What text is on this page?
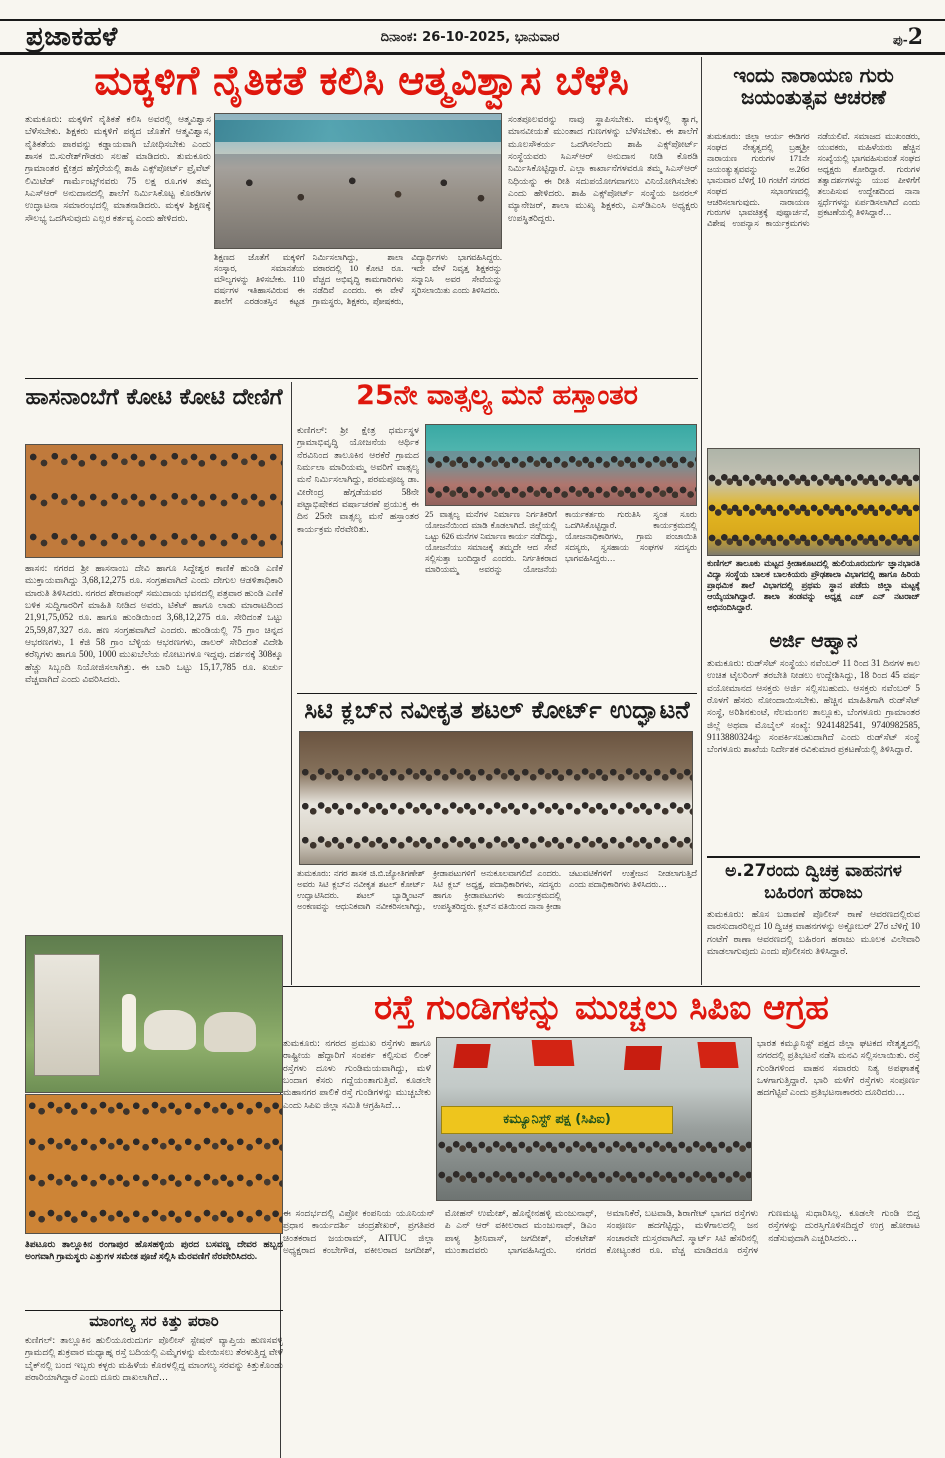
ಪ್ರಜಾಕಹಳೆ	ದಿನಾಂಕ: 26-10-2025, ಭಾನುವಾರ	ಪು-2
ಮಕ್ಕಳಿಗೆ ನೈತಿಕತೆ ಕಲಿಸಿ ಆತ್ಮವಿಶ್ವಾಸ ಬೆಳೆಸಿ
ತುಮಕೂರು: ಮಕ್ಕಳಿಗೆ ನೈತಿಕತೆ ಕಲಿಸಿ ಅವರಲ್ಲಿ ಆತ್ಮವಿಶ್ವಾಸ ಬೆಳೆಸಬೇಕು. ಶಿಕ್ಷಕರು ಮಕ್ಕಳಿಗೆ ಪಠ್ಯದ ಜೊತೆಗೆ ಆತ್ಮವಿಶ್ವಾಸ, ನೈತಿಕತೆಯ ಪಾಠವನ್ನು ಕಡ್ಡಾಯವಾಗಿ ಬೋಧಿಸಬೇಕು ಎಂದು ಶಾಸಕ ಬಿ.ಸುರೇಶ್‌ಗೌಡರು ಸಲಹೆ ಮಾಡಿದರು. ತುಮಕೂರು ಗ್ರಾಮಾಂತರ ಕ್ಷೇತ್ರದ ಹೆಗ್ಗೆರೆಯಲ್ಲಿ ಶಾಹಿ ಎಕ್ಸ್‌ಪೋರ್ಟ್ ಪ್ರೈವೆಟ್ ಲಿಮಿಟೆಡ್ ಗಾರ್ಮೆಂಟ್ಸ್‌ನವರು 75 ಲಕ್ಷ ರೂ.ಗಳ ತಮ್ಮ ಸಿಎಸ್‌ಆರ್ ಅನುದಾನದಲ್ಲಿ ಶಾಲೆಗೆ ನಿರ್ಮಿಸಿಕೊಟ್ಟ ಕೊಠಡಿಗಳ ಉದ್ಘಾಟನಾ ಸಮಾರಂಭದಲ್ಲಿ ಮಾತನಾಡಿದರು. ಮಕ್ಕಳ ಶಿಕ್ಷಣಕ್ಕೆ ಸೌಲಭ್ಯ ಒದಗಿಸುವುದು ಎಲ್ಲರ ಕರ್ತವ್ಯ ಎಂದು ಹೇಳಿದರು.
ಶಿಕ್ಷಣದ ಜೊತೆಗೆ ಮಕ್ಕಳಿಗೆ ಸಂಸ್ಕಾರ, ಸಮಾನತೆಯ ಮೌಲ್ಯಗಳನ್ನು ತಿಳಿಸಬೇಕು. 110 ವರ್ಷಗಳ ಇತಿಹಾಸವಿರುವ ಈ ಶಾಲೆಗೆ ಎರಡಂತಸ್ತಿನ ಕಟ್ಟಡ ನಿರ್ಮಿಸಲಾಗಿದ್ದು, ಶಾಲಾ ವಠಾರದಲ್ಲಿ 10 ಕೋಟಿ ರೂ. ವೆಚ್ಚದ ಅಭಿವೃದ್ಧಿ ಕಾಮಗಾರಿಗಳು ನಡೆದಿವೆ ಎಂದರು. ಈ ವೇಳೆ ಗ್ರಾಮಸ್ಥರು, ಶಿಕ್ಷಕರು, ಪೋಷಕರು, ವಿದ್ಯಾರ್ಥಿಗಳು ಭಾಗವಹಿಸಿದ್ದರು. ಇದೇ ವೇಳೆ ನಿವೃತ್ತ ಶಿಕ್ಷಕರನ್ನು ಸನ್ಮಾನಿಸಿ ಅವರ ಸೇವೆಯನ್ನು ಸ್ಮರಿಸಲಾಯಿತು ಎಂದು ತಿಳಿಸಿದರು.
ಸಂತಪೂಲವರನ್ನು ನಾವು ಸ್ಥಾಪಿಸಬೇಕು. ಮಕ್ಕಳಲ್ಲಿ ತ್ಯಾಗ, ಮಾನವೀಯತೆ ಮುಂತಾದ ಗುಣಗಳನ್ನು ಬೆಳೆಸಬೇಕು. ಈ ಶಾಲೆಗೆ ಮೂಲಸೌಕರ್ಯ ಒದಗಿಸಲೆಂದು ಶಾಹಿ ಎಕ್ಸ್‌ಪೋರ್ಟ್ ಸಂಸ್ಥೆಯವರು ಸಿಎಸ್‌ಆರ್ ಅನುದಾನ ನೀಡಿ ಕೊಠಡಿ ನಿರ್ಮಿಸಿಕೊಟ್ಟಿದ್ದಾರೆ. ಎಲ್ಲಾ ಕಾರ್ಖಾನೆಗಳವರೂ ತಮ್ಮ ಸಿಎಸ್‌ಆರ್ ನಿಧಿಯನ್ನು ಈ ರೀತಿ ಸದುಪಯೋಗವಾಗಲು ವಿನಿಯೋಗಿಸಬೇಕು ಎಂದು ಹೇಳಿದರು. ಶಾಹಿ ಎಕ್ಸ್‌ಪೋರ್ಟ್ ಸಂಸ್ಥೆಯ ಜನರಲ್ ಮ್ಯಾನೇಜರ್, ಶಾಲಾ ಮುಖ್ಯ ಶಿಕ್ಷಕರು, ಎಸ್‌ಡಿಎಂಸಿ ಅಧ್ಯಕ್ಷರು ಉಪಸ್ಥಿತರಿದ್ದರು.
ಹಾಸನಾಂಬೆಗೆ ಕೋಟಿ ಕೋಟಿ ದೇಣಿಗೆ
ಹಾಸನ: ನಗರದ ಶ್ರೀ ಹಾಸನಾಂಬ ದೇವಿ ಹಾಗೂ ಸಿದ್ದೇಶ್ವರ ಕಾಣಿಕೆ ಹುಂಡಿ ಎಣಿಕೆ ಮುಕ್ತಾಯವಾಗಿದ್ದು 3,68,12,275 ರೂ. ಸಂಗ್ರಹವಾಗಿದೆ ಎಂದು ದೇಗುಲ ಆಡಳಿತಾಧಿಕಾರಿ ಮಾರುತಿ ತಿಳಿಸಿದರು. ನಗರದ ಶೇರಾಪಂಥ್ ಸಮುದಾಯ ಭವನದಲ್ಲಿ ಪತ್ರವಾರ ಹುಂಡಿ ಎಣಿಕೆ ಬಳಿಕ ಸುದ್ದಿಗಾರರಿಗೆ ಮಾಹಿತಿ ನೀಡಿದ ಅವರು, ಟಿಕೆಟ್ ಹಾಗೂ ಲಾಡು ಮಾರಾಟದಿಂದ 21,91,75,052 ರೂ. ಹಾಗೂ ಹುಂಡಿಯಿಂದ 3,68,12,275 ರೂ. ಸೇರಿದಂತೆ ಒಟ್ಟು 25,59,87,327 ರೂ. ಹಣ ಸಂಗ್ರಹವಾಗಿದೆ ಎಂದರು. ಹುಂಡಿಯಲ್ಲಿ 75 ಗ್ರಾಂ ಚಿನ್ನದ ಆಭರಣಗಳು, 1 ಕೆಜಿ 58 ಗ್ರಾಂ ಬೆಳ್ಳಿಯ ಆಭರಣಗಳು, ಡಾಲರ್ ಸೇರಿದಂತೆ ವಿದೇಶಿ ಕರೆನ್ಸಿಗಳು ಹಾಗೂ 500, 1000 ಮುಖಬೆಲೆಯ ನೋಟುಗಳೂ ಇದ್ದವು. ದರ್ಶನಕ್ಕೆ 308ಕ್ಕೂ ಹೆಚ್ಚು ಸಿಬ್ಬಂದಿ ನಿಯೋಜಿಸಲಾಗಿತ್ತು. ಈ ಬಾರಿ ಒಟ್ಟು 15,17,785 ರೂ. ಖರ್ಚು ವೆಚ್ಚವಾಗಿದೆ ಎಂದು ವಿವರಿಸಿದರು.
ತಿಪಟೂರು ತಾಲ್ಲೂಕಿನ ರಂಗಾಪುರ ಹೊಸಹಳ್ಳಿಯ ಪುರದ ಬಸವಣ್ಣ ದೇವರ ಹಬ್ಬದ ಅಂಗವಾಗಿ ಗ್ರಾಮಸ್ಥರು ಎತ್ತುಗಳ ಸಮೇತ ಪೂಜೆ ಸಲ್ಲಿಸಿ ಮೆರವಣಿಗೆ ನೆರವೇರಿಸಿದರು.
ಮಾಂಗಲ್ಯ ಸರ ಕಿತ್ತು ಪರಾರಿ
ಕುಣಿಗಲ್: ತಾಲ್ಲೂಕಿನ ಹುಲಿಯೂರುದುರ್ಗ ಪೊಲೀಸ್ ಸ್ಟೇಷನ್ ವ್ಯಾಪ್ತಿಯ ಹುಣಸವಳ್ಳಿ ಗ್ರಾಮದಲ್ಲಿ ಶುಕ್ರವಾರ ಮಧ್ಯಾಹ್ನ ರಸ್ತೆ ಬದಿಯಲ್ಲಿ ಎಮ್ಮೆಗಳನ್ನು ಮೇಯಿಸಲು ತೆರಳುತ್ತಿದ್ದ ವೇಳೆ ಬೈಕ್‌ನಲ್ಲಿ ಬಂದ ಇಬ್ಬರು ಕಳ್ಳರು ಮಹಿಳೆಯ ಕೊರಳಲ್ಲಿದ್ದ ಮಾಂಗಲ್ಯ ಸರವನ್ನು ಕಿತ್ತುಕೊಂಡು ಪರಾರಿಯಾಗಿದ್ದಾರೆ ಎಂದು ದೂರು ದಾಖಲಾಗಿದೆ…
25ನೇ ವಾತ್ಸಲ್ಯ ಮನೆ ಹಸ್ತಾಂತರ
ಕುಣಿಗಲ್: ಶ್ರೀ ಕ್ಷೇತ್ರ ಧರ್ಮಸ್ಥಳ ಗ್ರಾಮಾಭಿವೃದ್ಧಿ ಯೋಜನೆಯ ಆರ್ಥಿಕ ನೆರವಿನಿಂದ ತಾಲೂಕಿನ ಆರಕೆರೆ ಗ್ರಾಮದ ನಿರ್ಮಲಾ ಮಾರಿಯಮ್ಮ ಅವರಿಗೆ ವಾತ್ಸಲ್ಯ ಮನೆ ನಿರ್ಮಿಸಲಾಗಿದ್ದು, ಪರಮಪೂಜ್ಯ ಡಾ. ವೀರೇಂದ್ರ ಹೆಗ್ಗಡೆಯವರ 58ನೇ ಪಟ್ಟಾಭಿಷೇಕದ ವರ್ಷಾಚರಣೆ ಪ್ರಯುಕ್ತ ಈ ದಿನ 25ನೇ ವಾತ್ಸಲ್ಯ ಮನೆ ಹಸ್ತಾಂತರ ಕಾರ್ಯಕ್ರಮ ನೆರವೇರಿತು.
25 ವಾತ್ಸಲ್ಯ ಮನೆಗಳ ನಿರ್ಮಾಣ ನಿರ್ಗತಿಕರಿಗೆ ಯೋಜನೆಯಿಂದ ಮಾಡಿ ಕೊಡಲಾಗಿದೆ. ಜಿಲ್ಲೆಯಲ್ಲಿ ಒಟ್ಟು 626 ಮನೆಗಳ ನಿರ್ಮಾಣ ಕಾರ್ಯ ನಡೆದಿದ್ದು, ಯೋಜನೆಯು ಸಮಾಜಕ್ಕೆ ತಮ್ಮದೇ ಆದ ಸೇವೆ ಸಲ್ಲಿಸುತ್ತಾ ಬಂದಿದ್ದಾರೆ ಎಂದರು. ನಿರ್ಗತಿಕರಾದ ಮಾರಿಯಮ್ಮ ಅವರನ್ನು ಯೋಜನೆಯ ಕಾರ್ಯಕರ್ತರು ಗುರುತಿಸಿ ಸ್ವಂತ ಸೂರು ಒದಗಿಸಿಕೊಟ್ಟಿದ್ದಾರೆ. ಕಾರ್ಯಕ್ರಮದಲ್ಲಿ ಯೋಜನಾಧಿಕಾರಿಗಳು, ಗ್ರಾಮ ಪಂಚಾಯಿತಿ ಸದಸ್ಯರು, ಸ್ವಸಹಾಯ ಸಂಘಗಳ ಸದಸ್ಯರು ಭಾಗವಹಿಸಿದ್ದರು…
ಸಿಟಿ ಕ್ಲಬ್‌ನ ನವೀಕೃತ ಶಟಲ್ ಕೋರ್ಟ್ ಉದ್ಘಾಟನೆ
ತುಮಕೂರು: ನಗರ ಶಾಸಕ ಜಿ.ಬಿ.ಜ್ಯೋತಿಗಣೇಶ್ ಅವರು ಸಿಟಿ ಕ್ಲಬ್‌ನ ನವೀಕೃತ ಶಟಲ್ ಕೋರ್ಟ್ ಉದ್ಘಾಟಿಸಿದರು. ಶಟಲ್ ಬ್ಯಾಡ್ಮಿಂಟನ್ ಅಂಕಣವನ್ನು ಆಧುನಿಕವಾಗಿ ನವೀಕರಿಸಲಾಗಿದ್ದು, ಕ್ರೀಡಾಪಟುಗಳಿಗೆ ಅನುಕೂಲವಾಗಲಿದೆ ಎಂದರು. ಸಿಟಿ ಕ್ಲಬ್ ಅಧ್ಯಕ್ಷ, ಪದಾಧಿಕಾರಿಗಳು, ಸದಸ್ಯರು ಹಾಗೂ ಕ್ರೀಡಾಪಟುಗಳು ಕಾರ್ಯಕ್ರಮದಲ್ಲಿ ಉಪಸ್ಥಿತರಿದ್ದರು. ಕ್ಲಬ್‌ನ ವತಿಯಿಂದ ನಾನಾ ಕ್ರೀಡಾ ಚಟುವಟಿಕೆಗಳಿಗೆ ಉತ್ತೇಜನ ನೀಡಲಾಗುತ್ತಿದೆ ಎಂದು ಪದಾಧಿಕಾರಿಗಳು ತಿಳಿಸಿದರು…
ಇಂದು ನಾರಾಯಣ ಗುರು ಜಯಂತುತ್ಸವ ಆಚರಣೆ
ತುಮಕೂರು: ಜಿಲ್ಲಾ ಆರ್ಯ ಈಡಿಗರ ಸಂಘದ ನೇತೃತ್ವದಲ್ಲಿ ಬ್ರಹ್ಮಶ್ರೀ ನಾರಾಯಣ ಗುರುಗಳ 171ನೇ ಜಯಂತ್ಯುತ್ಸವವನ್ನು ಅ.26ರ ಭಾನುವಾರ ಬೆಳಿಗ್ಗೆ 10 ಗಂಟೆಗೆ ನಗರದ ಸಂಘದ ಸಭಾಂಗಣದಲ್ಲಿ ಆಚರಿಸಲಾಗುವುದು. ನಾರಾಯಣ ಗುರುಗಳ ಭಾವಚಿತ್ರಕ್ಕೆ ಪುಷ್ಪಾರ್ಚನೆ, ವಿಶೇಷ ಉಪನ್ಯಾಸ ಕಾರ್ಯಕ್ರಮಗಳು ನಡೆಯಲಿವೆ. ಸಮಾಜದ ಮುಖಂಡರು, ಯುವಕರು, ಮಹಿಳೆಯರು ಹೆಚ್ಚಿನ ಸಂಖ್ಯೆಯಲ್ಲಿ ಭಾಗವಹಿಸುವಂತೆ ಸಂಘದ ಅಧ್ಯಕ್ಷರು ಕೋರಿದ್ದಾರೆ. ಗುರುಗಳ ತತ್ವಾದರ್ಶಗಳನ್ನು ಯುವ ಪೀಳಿಗೆಗೆ ತಲುಪಿಸುವ ಉದ್ದೇಶದಿಂದ ನಾನಾ ಸ್ಪರ್ಧೆಗಳನ್ನು ಏರ್ಪಡಿಸಲಾಗಿದೆ ಎಂದು ಪ್ರಕಟಣೆಯಲ್ಲಿ ತಿಳಿಸಿದ್ದಾರೆ…
ಕುಣಿಗಲ್ ತಾಲೂಕು ಮಟ್ಟದ ಕ್ರೀಡಾಕೂಟದಲ್ಲಿ ಹುಲಿಯೂರುದುರ್ಗ ಜ್ಞಾನಭಾರತಿ ವಿದ್ಯಾ ಸಂಸ್ಥೆಯ ಬಾಲಕ ಬಾಲಕಿಯರು ಪ್ರೌಢಶಾಲಾ ವಿಭಾಗದಲ್ಲಿ ಹಾಗೂ ಹಿರಿಯ ಪ್ರಾಥಮಿಕ ಶಾಲೆ ವಿಭಾಗದಲ್ಲಿ ಪ್ರಥಮ ಸ್ಥಾನ ಪಡೆದು ಜಿಲ್ಲಾ ಮಟ್ಟಕ್ಕೆ ಆಯ್ಕೆಯಾಗಿದ್ದಾರೆ. ಶಾಲಾ ತಂಡವನ್ನು ಅಧ್ಯಕ್ಷ ಎಚ್ ಎನ್ ನಟರಾಜ್ ಅಭಿನಂದಿಸಿದ್ದಾರೆ.
ಅರ್ಜಿ ಆಹ್ವಾನ
ತುಮಕೂರು: ರುಡ್‌ಸೆಟ್ ಸಂಸ್ಥೆಯು ನವೆಂಬರ್ 11 ರಿಂದ 31 ದಿನಗಳ ಕಾಲ ಉಚಿತ ಟೈಲರಿಂಗ್ ತರಬೇತಿ ನೀಡಲು ಉದ್ದೇಶಿಸಿದ್ದು, 18 ರಿಂದ 45 ವರ್ಷ ವಯೋಮಾನದ ಆಸಕ್ತರು ಅರ್ಜಿ ಸಲ್ಲಿಸಬಹುದು. ಆಸಕ್ತರು ನವೆಂಬರ್ 5 ರೊಳಗೆ ಹೆಸರು ನೋಂದಾಯಿಸಬೇಕು. ಹೆಚ್ಚಿನ ಮಾಹಿತಿಗಾಗಿ ರುಡ್‌ಸೆಟ್ ಸಂಸ್ಥೆ, ಅರಿಶಿನಕುಂಟೆ, ನೆಲಮಂಗಲ ತಾಲ್ಲೂಕು, ಬೆಂಗಳೂರು ಗ್ರಾಮಾಂತರ ಜಿಲ್ಲೆ ಅಥವಾ ಮೊಬೈಲ್ ಸಂಖ್ಯೆ: 9241482541, 9740982585, 9113880324ನ್ನು ಸಂಪರ್ಕಿಸಬಹುದಾಗಿದೆ ಎಂದು ರುಡ್‌ಸೆಟ್ ಸಂಸ್ಥೆ ಬೆಂಗಳೂರು ಶಾಖೆಯ ನಿರ್ದೇಶಕ ರವಿಕುಮಾರ ಪ್ರಕಟಣೆಯಲ್ಲಿ ತಿಳಿಸಿದ್ದಾರೆ.
ಅ.27ರಂದು ದ್ವಿಚಕ್ರ ವಾಹನಗಳ
ಬಹಿರಂಗ ಹರಾಜು
ತುಮಕೂರು: ಹೊಸ ಬಡಾವಣೆ ಪೊಲೀಸ್ ಠಾಣೆ ಆವರಣದಲ್ಲಿರುವ ವಾರಸುದಾರರಿಲ್ಲದ 10 ದ್ವಿಚಕ್ರ ವಾಹನಗಳನ್ನು ಅಕ್ಟೋಬರ್ 27ರ ಬೆಳಿಗ್ಗೆ 10 ಗಂಟೆಗೆ ಠಾಣಾ ಆವರಣದಲ್ಲಿ ಬಹಿರಂಗ ಹರಾಜು ಮೂಲಕ ವಿಲೇವಾರಿ ಮಾಡಲಾಗುವುದು ಎಂದು ಪೊಲೀಸರು ತಿಳಿಸಿದ್ದಾರೆ.
ರಸ್ತೆ ಗುಂಡಿಗಳನ್ನು ಮುಚ್ಚಲು ಸಿಪಿಐ ಆಗ್ರಹ
ತುಮಕೂರು: ನಗರದ ಪ್ರಮುಖ ರಸ್ತೆಗಳು ಹಾಗೂ ರಾಷ್ಟ್ರೀಯ ಹೆದ್ದಾರಿಗೆ ಸಂಪರ್ಕ ಕಲ್ಪಿಸುವ ಲಿಂಕ್ ರಸ್ತೆಗಳು ದೂಳು ಗುಂಡಿಮಯವಾಗಿದ್ದು, ಮಳೆ ಬಂದಾಗ ಕೆಸರು ಗದ್ದೆಯಂತಾಗುತ್ತಿವೆ. ಕೂಡಲೇ ಮಹಾನಗರ ಪಾಲಿಕೆ ರಸ್ತೆ ಗುಂಡಿಗಳನ್ನು ಮುಚ್ಚಬೇಕು ಎಂದು ಸಿಪಿಐ ಜಿಲ್ಲಾ ಸಮಿತಿ ಆಗ್ರಹಿಸಿದೆ…
ಕಮ್ಯೂನಿಸ್ಟ್ ಪಕ್ಷ (ಸಿಪಿಐ)
ಭಾರತ ಕಮ್ಯೂನಿಸ್ಟ್ ಪಕ್ಷದ ಜಿಲ್ಲಾ ಘಟಕದ ನೇತೃತ್ವದಲ್ಲಿ ನಗರದಲ್ಲಿ ಪ್ರತಿಭಟನೆ ನಡೆಸಿ ಮನವಿ ಸಲ್ಲಿಸಲಾಯಿತು. ರಸ್ತೆ ಗುಂಡಿಗಳಿಂದ ವಾಹನ ಸವಾರರು ನಿತ್ಯ ಅಪಘಾತಕ್ಕೆ ಒಳಗಾಗುತ್ತಿದ್ದಾರೆ. ಭಾರಿ ಮಳೆಗೆ ರಸ್ತೆಗಳು ಸಂಪೂರ್ಣ ಹದಗೆಟ್ಟಿವೆ ಎಂದು ಪ್ರತಿಭಟನಾಕಾರರು ದೂರಿದರು…
ಈ ಸಂದರ್ಭದಲ್ಲಿ ವಿಪ್ರೋ ಕಂಪನಿಯ ಯೂನಿಯನ್ ಪ್ರಧಾನ ಕಾರ್ಯದರ್ಶಿ ಚಂದ್ರಶೇಖರ್, ಪ್ರಗತಿಪರ ಚಿಂತಕರಾದ ಜಯರಾಮ್, AITUC ಜಿಲ್ಲಾ ಅಧ್ಯಕ್ಷರಾದ ಕಂಬೇಗೌಡ, ವಕೀಲರಾದ ಜಗದೀಶ್, ಮೋಹನ್ ಉಮೇಶ್, ಹೊನ್ನೇನಹಳ್ಳಿ ಮಂಜುನಾಥ್, ಪಿ ಎನ್ ಆರ್ ವಕೀಲರಾದ ಮಂಜುನಾಥ್, ಡಿಎಂ ಪಾಳ್ಯ ಶ್ರೀನಿವಾಸ್, ಜಗದೀಶ್, ವೆಂಕಟೇಶ್ ಮುಂತಾದವರು ಭಾಗವಹಿಸಿದ್ದರು. ನಗರದ ಅಮಾನಿಕೆರೆ, ಬಟವಾಡಿ, ಶಿರಾಗೇಟ್ ಭಾಗದ ರಸ್ತೆಗಳು ಸಂಪೂರ್ಣ ಹದಗೆಟ್ಟಿದ್ದು, ಮಳೆಗಾಲದಲ್ಲಿ ಜನ ಸಂಚಾರವೇ ದುಸ್ತರವಾಗಿದೆ. ಸ್ಮಾರ್ಟ್ ಸಿಟಿ ಹೆಸರಿನಲ್ಲಿ ಕೋಟ್ಯಂತರ ರೂ. ವೆಚ್ಚ ಮಾಡಿದರೂ ರಸ್ತೆಗಳ ಗುಣಮಟ್ಟ ಸುಧಾರಿಸಿಲ್ಲ. ಕೂಡಲೇ ಗುಂಡಿ ಬಿದ್ದ ರಸ್ತೆಗಳನ್ನು ದುರಸ್ತಿಗೊಳಿಸದಿದ್ದರೆ ಉಗ್ರ ಹೋರಾಟ ನಡೆಸುವುದಾಗಿ ಎಚ್ಚರಿಸಿದರು…
